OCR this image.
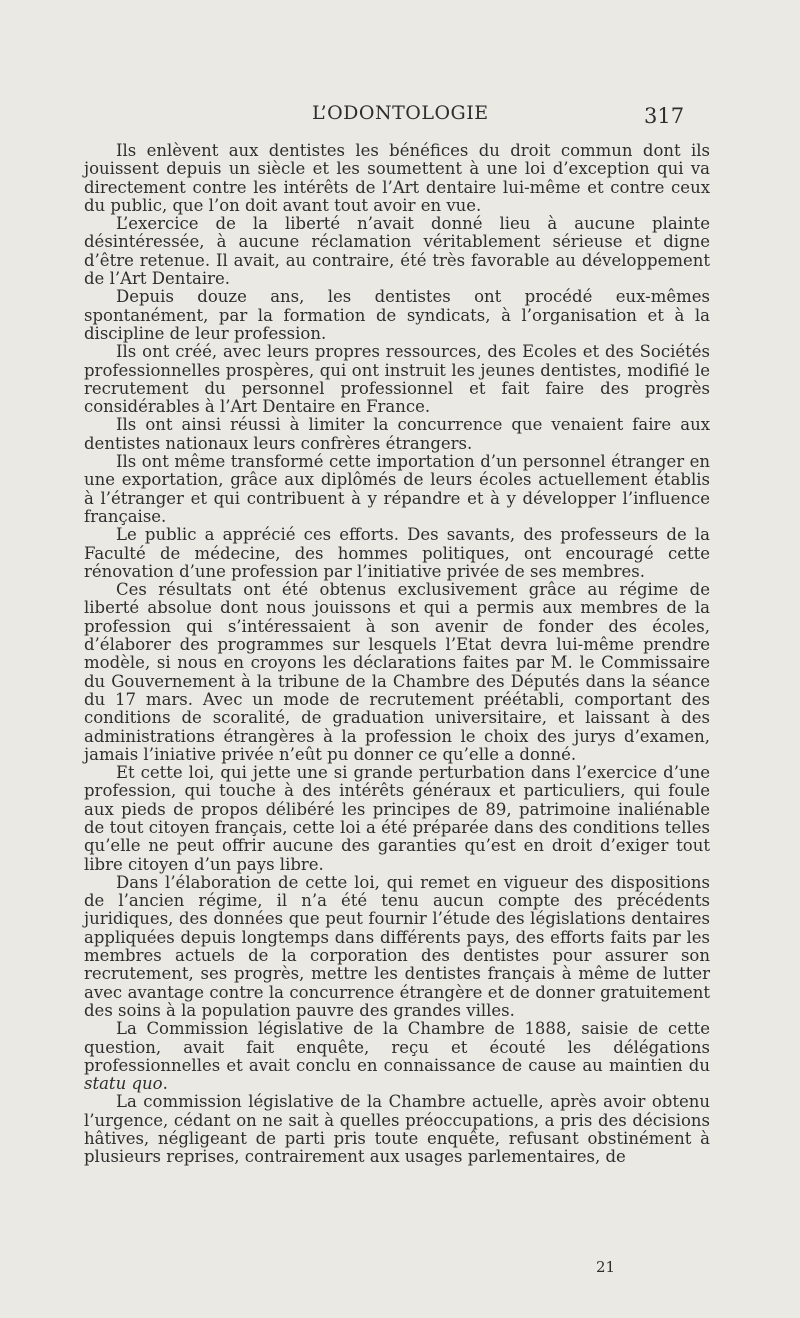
L’ODONTOLOGIE	317

Ils enlèvent aux dentistes les bénéfices du droit commun dont ils jouissent depuis un siècle et les soumettent à une loi d’exception qui va directement contre les intérêts de l’Art dentaire lui-même et contre ceux du public, que l’on doit avant tout avoir en vue.

L’exercice de la liberté n’avait donné lieu à aucune plainte désintéressée, à aucune réclamation véritablement sérieuse et digne d’être retenue. Il avait, au contraire, été très favorable au développement de l’Art Dentaire.

Depuis douze ans, les dentistes ont procédé eux-mêmes spontanément, par la formation de syndicats, à l’organisation et à la discipline de leur profession.

Ils ont créé, avec leurs propres ressources, des Ecoles et des Sociétés professionnelles prospères, qui ont instruit les jeunes dentistes, modifié le recrutement du personnel professionnel et fait faire des progrès considérables à l’Art Dentaire en France.

Ils ont ainsi réussi à limiter la concurrence que venaient faire aux dentistes nationaux leurs confrères étrangers.

Ils ont même transformé cette importation d’un personnel étranger en une exportation, grâce aux diplômés de leurs écoles actuellement établis à l’étranger et qui contribuent à y répandre et à y développer l’influence française.

Le public a apprécié ces efforts. Des savants, des professeurs de la Faculté de médecine, des hommes politiques, ont encouragé cette rénovation d’une profession par l’initiative privée de ses membres.

Ces résultats ont été obtenus exclusivement grâce au régime de liberté absolue dont nous jouissons et qui a permis aux membres de la profession qui s’intéressaient à son avenir de fonder des écoles, d’élaborer des programmes sur lesquels l’Etat devra lui-même prendre modèle, si nous en croyons les déclarations faites par M. le Commissaire du Gouvernement à la tribune de la Chambre des Députés dans la séance du 17 mars. Avec un mode de recrutement préétabli, comportant des conditions de scoralité, de graduation universitaire, et laissant à des administrations étrangères à la profession le choix des jurys d’examen, jamais l’iniative privée n’eût pu donner ce qu’elle a donné.

Et cette loi, qui jette une si grande perturbation dans l’exercice d’une profession, qui touche à des intérêts généraux et particuliers, qui foule aux pieds de propos délibéré les principes de 89, patrimoine inaliénable de tout citoyen français, cette loi a été préparée dans des conditions telles qu’elle ne peut offrir aucune des garanties qu’est en droit d’exiger tout libre citoyen d’un pays libre.

Dans l’élaboration de cette loi, qui remet en vigueur des dispositions de l’ancien régime, il n’a été tenu aucun compte des précédents juridiques, des données que peut fournir l’étude des législations dentaires appliquées depuis longtemps dans différents pays, des efforts faits par les membres actuels de la corporation des dentistes pour assurer son recrutement, ses progrès, mettre les dentistes français à même de lutter avec avantage contre la concurrence étrangère et de donner gratuitement des soins à la population pauvre des grandes villes.

La Commission législative de la Chambre de 1888, saisie de cette question, avait fait enquête, reçu et écouté les délégations professionnelles et avait conclu en connaissance de cause au maintien du statu quo.

La commission législative de la Chambre actuelle, après avoir obtenu l’urgence, cédant on ne sait à quelles préoccupations, a pris des décisions hâtives, négligeant de parti pris toute enquête, refusant obstinément à plusieurs reprises, contrairement aux usages parlementaires, de

21
